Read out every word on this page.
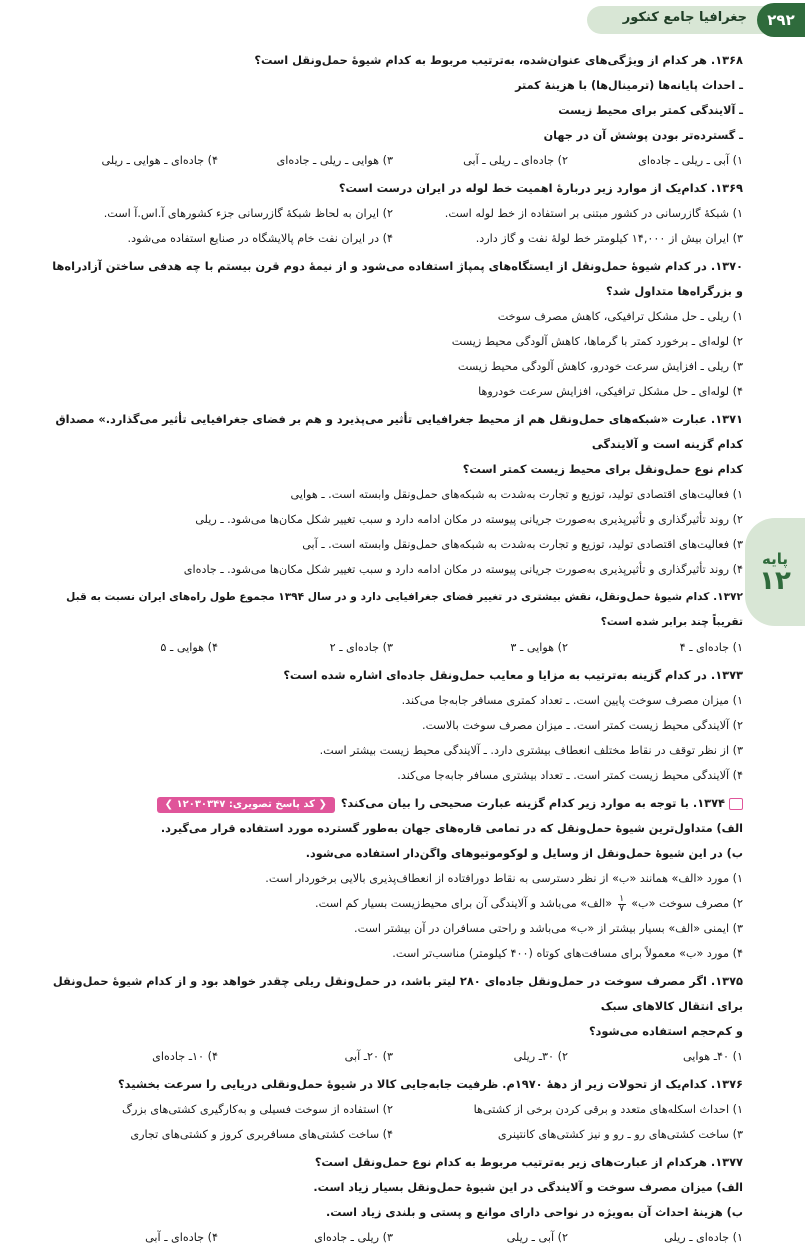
۲۹۲
جغرافیا جامع کنکور
پایه
۱۲

۱۳۶۸. هر کدام از ویژگی‌های عنوان‌شده، به‌ترتیب مربوط به کدام شیوهٔ حمل‌ونقل است؟

ـ احداث پایانه‌ها (ترمینال‌ها) با هزینهٔ کمتر

ـ آلایندگی کمتر برای محیط زیست

ـ گسترده‌تر بودن پوشش آن در جهان

۱) آبی ـ ریلی ـ جاده‌ای
۲) جاده‌ای ـ ریلی ـ آبی
۳) هوایی ـ ریلی ـ جاده‌ای
۴) جاده‌ای ـ هوایی ـ ریلی

۱۳۶۹. کدام‌یک از موارد زیر دربارهٔ اهمیت خط لوله در ایران درست است؟

۱) شبکهٔ گازرسانی در کشور مبتنی بر استفاده از خط لوله است.
۲) ایران به لحاظ شبکهٔ گازرسانی جزء کشورهای آ.اس.آ است.
۳) ایران بیش از ۱۴,۰۰۰ کیلومتر خط لولهٔ نفت و گاز دارد.
۴) در ایران نفت خام پالایشگاه در صنایع استفاده می‌شود.

۱۳۷۰. در کدام شیوهٔ حمل‌ونقل از ایستگاه‌های پمپاژ استفاده می‌شود و از نیمهٔ دوم قرن بیستم با چه هدفی ساختن آزادراه‌ها و بزرگراه‌ها متداول شد؟

۱) ریلی ـ حل مشکل ترافیکی، کاهش مصرف سوخت

۲) لوله‌ای ـ برخورد کمتر با گرماها، کاهش آلودگی محیط زیست

۳) ریلی ـ افزایش سرعت خودرو، کاهش آلودگی محیط زیست

۴) لوله‌ای ـ حل مشکل ترافیکی، افزایش سرعت خودروها

۱۳۷۱. عبارت «شبکه‌های حمل‌ونقل هم از محیط جغرافیایی تأثیر می‌پذیرد و هم بر فضای جغرافیایی تأثیر می‌گذارد.» مصداق کدام گزینه است و آلایندگی

کدام نوع حمل‌ونقل برای محیط زیست کمتر است؟

۱) فعالیت‌های اقتصادی تولید، توزیع و تجارت به‌شدت به شبکه‌های حمل‌ونقل وابسته است. ـ هوایی

۲) روند تأثیرگذاری و تأثیرپذیری به‌صورت جریانی پیوسته در مکان ادامه دارد و سبب تغییر شکل مکان‌ها می‌شود. ـ ریلی

۳) فعالیت‌های اقتصادی تولید، توزیع و تجارت به‌شدت به شبکه‌های حمل‌ونقل وابسته است. ـ آبی

۴) روند تأثیرگذاری و تأثیرپذیری به‌صورت جریانی پیوسته در مکان ادامه دارد و سبب تغییر شکل مکان‌ها می‌شود. ـ جاده‌ای

۱۳۷۲. کدام شیوهٔ حمل‌ونقل، نقش بیشتری در تغییر فضای جغرافیایی دارد و در سال ۱۳۹۴ مجموع طول راه‌های ایران نسبت به قبل تقریباً چند برابر شده است؟

۱) جاده‌ای ـ ۴
۲) هوایی ـ ۳
۳) جاده‌ای ـ ۲
۴) هوایی ـ ۵

۱۳۷۳. در کدام گزینه به‌ترتیب به مزایا و معایب حمل‌ونقل جاده‌ای اشاره شده است؟

۱) میزان مصرف سوخت پایین است. ـ تعداد کمتری مسافر جابه‌جا می‌کند.

۲) آلایندگی محیط زیست کمتر است. ـ میزان مصرف سوخت بالاست.

۳) از نظر توقف در نقاط مختلف انعطاف بیشتری دارد. ـ آلایندگی محیط زیست بیشتر است.

۴) آلایندگی محیط زیست کمتر است. ـ تعداد بیشتری مسافر جابه‌جا می‌کند.

۱۳۷۴. با توجه به موارد زیر کدام گزینه عبارت صحیحی را بیان می‌کند؟❮ کد پاسخ تصویری: ۱۲۰۳۰۳۴۷ ❯

الف) متداول‌ترین شیوهٔ حمل‌ونقل که در تمامی قاره‌های جهان به‌طور گسترده مورد استفاده قرار می‌گیرد.

ب) در این شیوهٔ حمل‌ونقل از وسایل و لوکوموتیوهای واگن‌دار استفاده می‌شود.

۱) مورد «الف» همانند «ب» از نظر دسترسی به نقاط دورافتاده از انعطاف‌پذیری بالایی برخوردار است.

۲) مصرف سوخت «ب»
$\frac{۱}{۷}$
«الف» می‌باشد و آلایندگی آن برای محیط‌زیست بسیار کم است.

۳) ایمنی «الف» بسیار بیشتر از «ب» می‌باشد و راحتی مسافران در آن بیشتر است.

۴) مورد «ب» معمولاً برای مسافت‌های کوتاه (۴۰۰ کیلومتر) مناسب‌تر است.

۱۳۷۵. اگر مصرف سوخت در حمل‌ونقل جاده‌ای ۲۸۰ لیتر باشد، در حمل‌ونقل ریلی چقدر خواهد بود و از کدام شیوهٔ حمل‌ونقل برای انتقال کالاهای سبک

و کم‌حجم استفاده می‌شود؟

۱) ۴۰ـ هوایی
۲) ۳۰ـ ریلی
۳) ۲۰ـ آبی
۴) ۱۰ـ جاده‌ای

۱۳۷۶. کدام‌یک از تحولات زیر از دههٔ ۱۹۷۰م. ظرفیت جابه‌جایی کالا در شیوهٔ حمل‌ونقلی دریایی را سرعت بخشید؟

۱) احداث اسکله‌های متعدد و برقی کردن برخی از کشتی‌ها
۲) استفاده از سوخت فسیلی و به‌کارگیری کشتی‌های بزرگ
۳) ساخت کشتی‌های رو ـ رو و نیز کشتی‌های کانتینری
۴) ساخت کشتی‌های مسافربری کروز و کشتی‌های تجاری

۱۳۷۷. هرکدام از عبارت‌های زیر به‌ترتیب مربوط به کدام نوع حمل‌ونقل است؟

الف) میزان مصرف سوخت و آلایندگی در این شیوهٔ حمل‌ونقل بسیار زیاد است.

ب) هزینهٔ احداث آن به‌ویژه در نواحی دارای موانع و پستی و بلندی زیاد است.

۱) جاده‌ای ـ ریلی
۲) آبی ـ ریلی
۳) ریلی ـ جاده‌ای
۴) جاده‌ای ـ آبی
